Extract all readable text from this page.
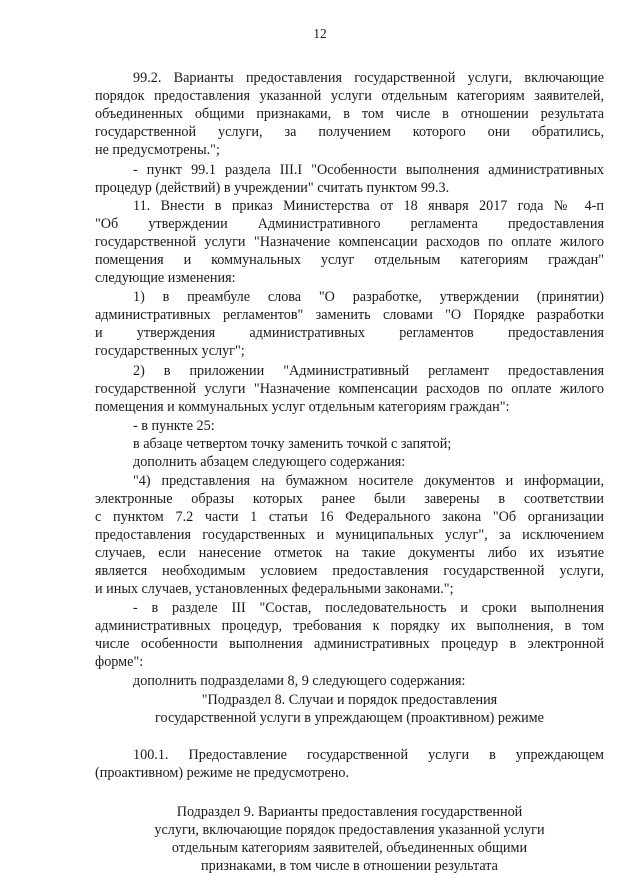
12
99.2. Варианты предоставления государственной услуги, включающие
порядок предоставления указанной услуги отдельным категориям заявителей,
объединенных общими признаками, в том числе в отношении результата
государственной услуги, за получением которого они обратились,
не предусмотрены.";
- пункт 99.1 раздела III.I "Особенности выполнения административных
процедур (действий) в учреждении" считать пунктом 99.3.
11. Внести в приказ Министерства от 18 января 2017 года № 4-п
"Об утверждении Административного регламента предоставления
государственной услуги "Назначение компенсации расходов по оплате жилого
помещения и коммунальных услуг отдельным категориям граждан"
следующие изменения:
1) в преамбуле слова "О разработке, утверждении (принятии)
административных регламентов" заменить словами "О Порядке разработки
и утверждения административных регламентов предоставления
государственных услуг";
2) в приложении "Административный регламент предоставления
государственной услуги "Назначение компенсации расходов по оплате жилого
помещения и коммунальных услуг отдельным категориям граждан":
- в пункте 25:
в абзаце четвертом точку заменить точкой с запятой;
дополнить абзацем следующего содержания:
"4) представления на бумажном носителе документов и информации,
электронные образы которых ранее были заверены в соответствии
с пунктом 7.2 части 1 статьи 16 Федерального закона "Об организации
предоставления государственных и муниципальных услуг", за исключением
случаев, если нанесение отметок на такие документы либо их изъятие
является необходимым условием предоставления государственной услуги,
и иных случаев, установленных федеральными законами.";
- в разделе III "Состав, последовательность и сроки выполнения
административных процедур, требования к порядку их выполнения, в том
числе особенности выполнения административных процедур в электронной
форме":
дополнить подразделами 8, 9 следующего содержания:
"Подраздел 8. Случаи и порядок предоставления
государственной услуги в упреждающем (проактивном) режиме
100.1. Предоставление государственной услуги в упреждающем
(проактивном) режиме не предусмотрено.
Подраздел 9. Варианты предоставления государственной
услуги, включающие порядок предоставления указанной услуги
отдельным категориям заявителей, объединенных общими
признаками, в том числе в отношении результата
